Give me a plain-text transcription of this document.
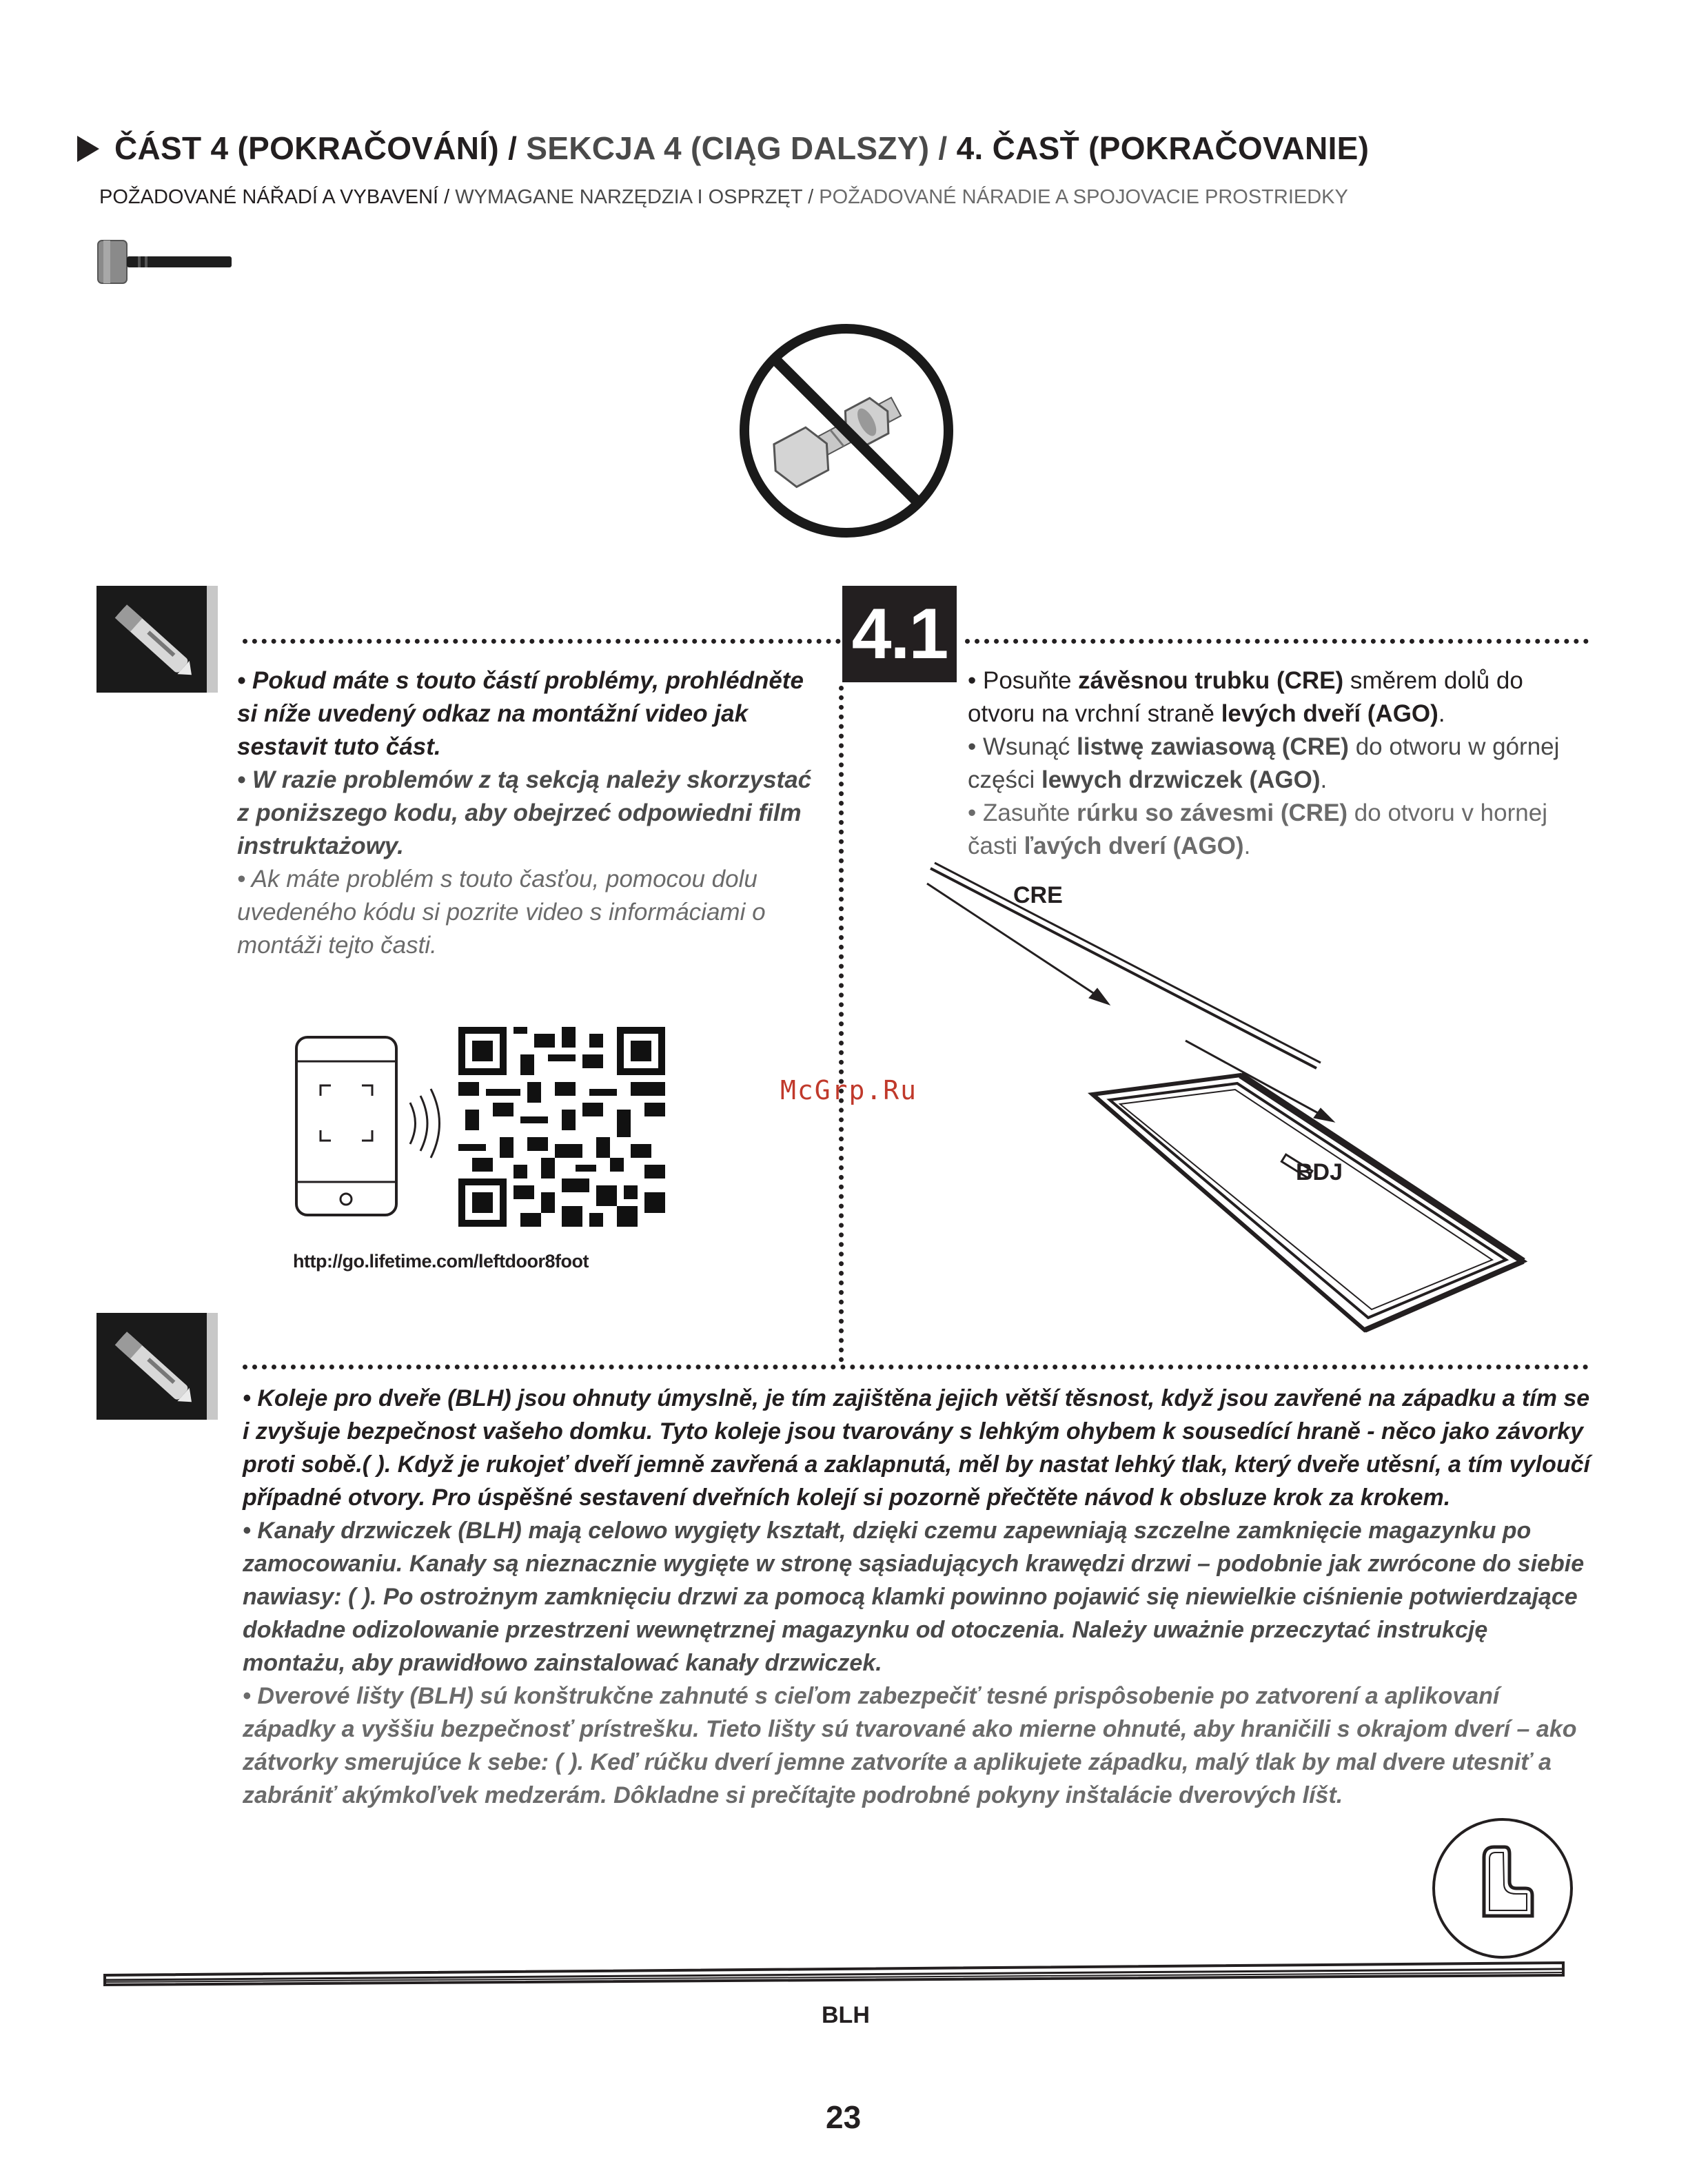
ČÁST 4 (POKRAČOVÁNÍ) / SEKCJA 4 (CIĄG DALSZY) / 4. ČASŤ (POKRAČOVANIE)
POŽADOVANÉ NÁŘADÍ A VYBAVENÍ / WYMAGANE NARZĘDZIA I OSPRZĘT / POŽADOVANÉ NÁRADIE A SPOJOVACIE PROSTRIEDKY
4.1

• Pokud máte s touto částí problémy, prohlédněte si níže uvedený odkaz na montážní video jak sestavit tuto část.

• W razie problemów z tą sekcją należy skorzystać z poniższego kodu, aby obejrzeć odpowiedni film instruktażowy.

• Ak máte problém s touto časťou, pomocou dolu uvedeného kódu si pozrite video s informáciami o montáži tejto časti.

http://go.lifetime.com/leftdoor8foot

• Posuňte závěsnou trubku (CRE) směrem dolů do otvoru na vrchní straně levých dveří (AGO).

• Wsunąć listwę zawiasową (CRE) do otworu w górnej części lewych drzwiczek (AGO).

• Zasuňte rúrku so závesmi (CRE) do otvoru v hornej časti ľavých dverí (AGO).

CRE
BDJ
McGrp.Ru

• Koleje pro dveře (BLH) jsou ohnuty úmyslně, je tím zajištěna jejich větší těsnost, když jsou zavřené na západku a tím se i zvyšuje bezpečnost vašeho domku. Tyto koleje jsou tvarovány s lehkým ohybem k sousedící hraně - něco jako závorky proti sobě.( ). Když je rukojeť dveří jemně zavřená a zaklapnutá, měl by nastat lehký tlak, který dveře utěsní, a tím vyloučí případné otvory. Pro úspěšné sestavení dveřních kolejí si pozorně přečtěte návod k obsluze krok za krokem.

• Kanały drzwiczek (BLH) mają celowo wygięty kształt, dzięki czemu zapewniają szczelne zamknięcie magazynku po zamocowaniu. Kanały są nieznacznie wygięte w stronę sąsiadujących krawędzi drzwi – podobnie jak zwrócone do siebie nawiasy: ( ). Po ostrożnym zamknięciu drzwi za pomocą klamki powinno pojawić się niewielkie ciśnienie potwierdzające dokładne odizolowanie przestrzeni wewnętrznej magazynku od otoczenia. Należy uważnie przeczytać instrukcję montażu, aby prawidłowo zainstalować kanały drzwiczek.

• Dverové lišty (BLH) sú konštrukčne zahnuté s cieľom zabezpečiť tesné prispôsobenie po zatvorení a aplikovaní západky a vyššiu bezpečnosť prístrešku. Tieto lišty sú tvarované ako mierne ohnuté, aby hraničili s okrajom dverí – ako zátvorky smerujúce k sebe: ( ). Keď rúčku dverí jemne zatvoríte a aplikujete západku, malý tlak by mal dvere utesniť a zabrániť akýmkoľvek medzerám. Dôkladne si prečítajte podrobné pokyny inštalácie dverových líšt.

BLH
23
